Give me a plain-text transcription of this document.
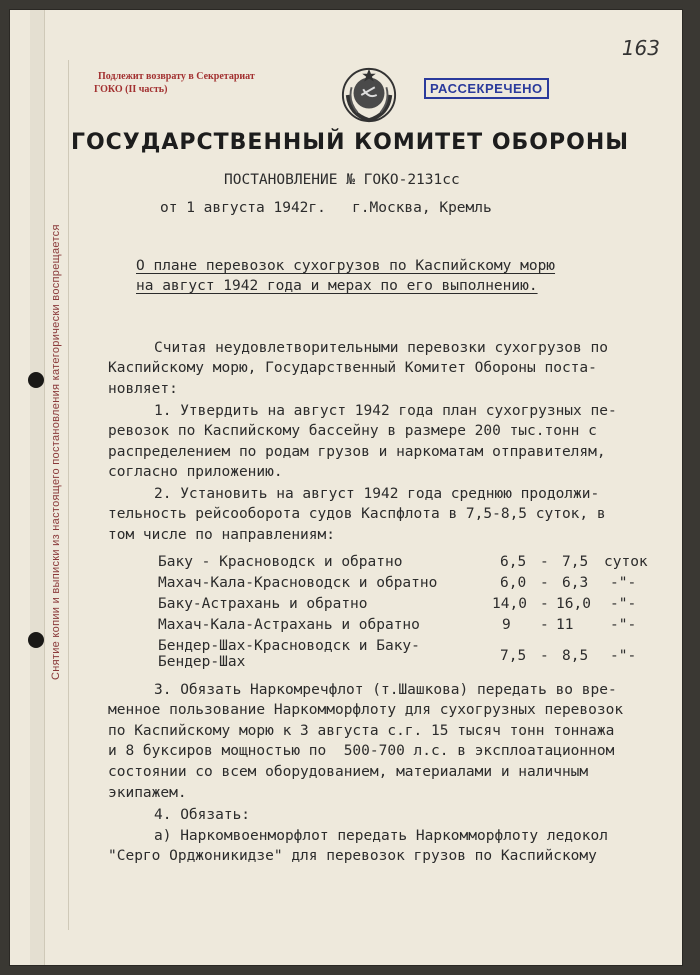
Снятие копии и выписки из настоящего постановления категорически воспрещается
163
Подлежит возврату в Секретариат
ГОКО (II часть)	РАССЕКРЕЧЕНО
ГОСУДАРСТВЕННЫЙ КОМИТЕТ ОБОРОНЫ
ПОСТАНОВЛЕНИЕ № ГОКО-2131сс
от 1 августа 1942г.   г.Москва, Кремль
О плане перевозок сухогрузов по Каспийскому морю
на август 1942 года и мерах по его выполнению.
Считая неудовлетворительными перевозки сухогрузов по
Каспийскому морю, Государственный Комитет Обороны поста-
новляет:
1. Утвердить на август 1942 года план сухогрузных пе-
ревозок по Каспийскому бассейну в размере 200 тыс.тонн с
распределением по родам грузов и наркоматам отправителям,
согласно приложению.
2. Установить на август 1942 года среднюю продолжи-
тельность рейсооборота судов Каспфлота в 7,5-8,5 суток, в
том числе по направлениям:
Баку - Красноводск и обратно	6,5 - 7,5 суток
Махач-Кала-Красноводск и обратно	6,0 - 6,3 -"-
Баку-Астрахань и обратно	14,0 - 16,0 -"-
Махач-Кала-Астрахань и обратно	9 - 11	-"-
Бендер-Шах-Красноводск и Баку-
Бендер-Шах	7,5 - 8,5 -"-
3. Обязать Наркомречфлот (т.Шашкова) передать во вре-
менное пользование Наркомморфлоту для сухогрузных перевозок
по Каспийскому морю к 3 августа с.г. 15 тысяч тонн тоннажа
и 8 буксиров мощностью по  500-700 л.с. в эксплоатационном
состоянии со всем оборудованием, материалами и наличным
экипажем.
4. Обязать:
а) Наркомвоенморфлот передать Наркомморфлоту ледокол
"Серго Орджоникидзе" для перевозок грузов по Каспийскому
